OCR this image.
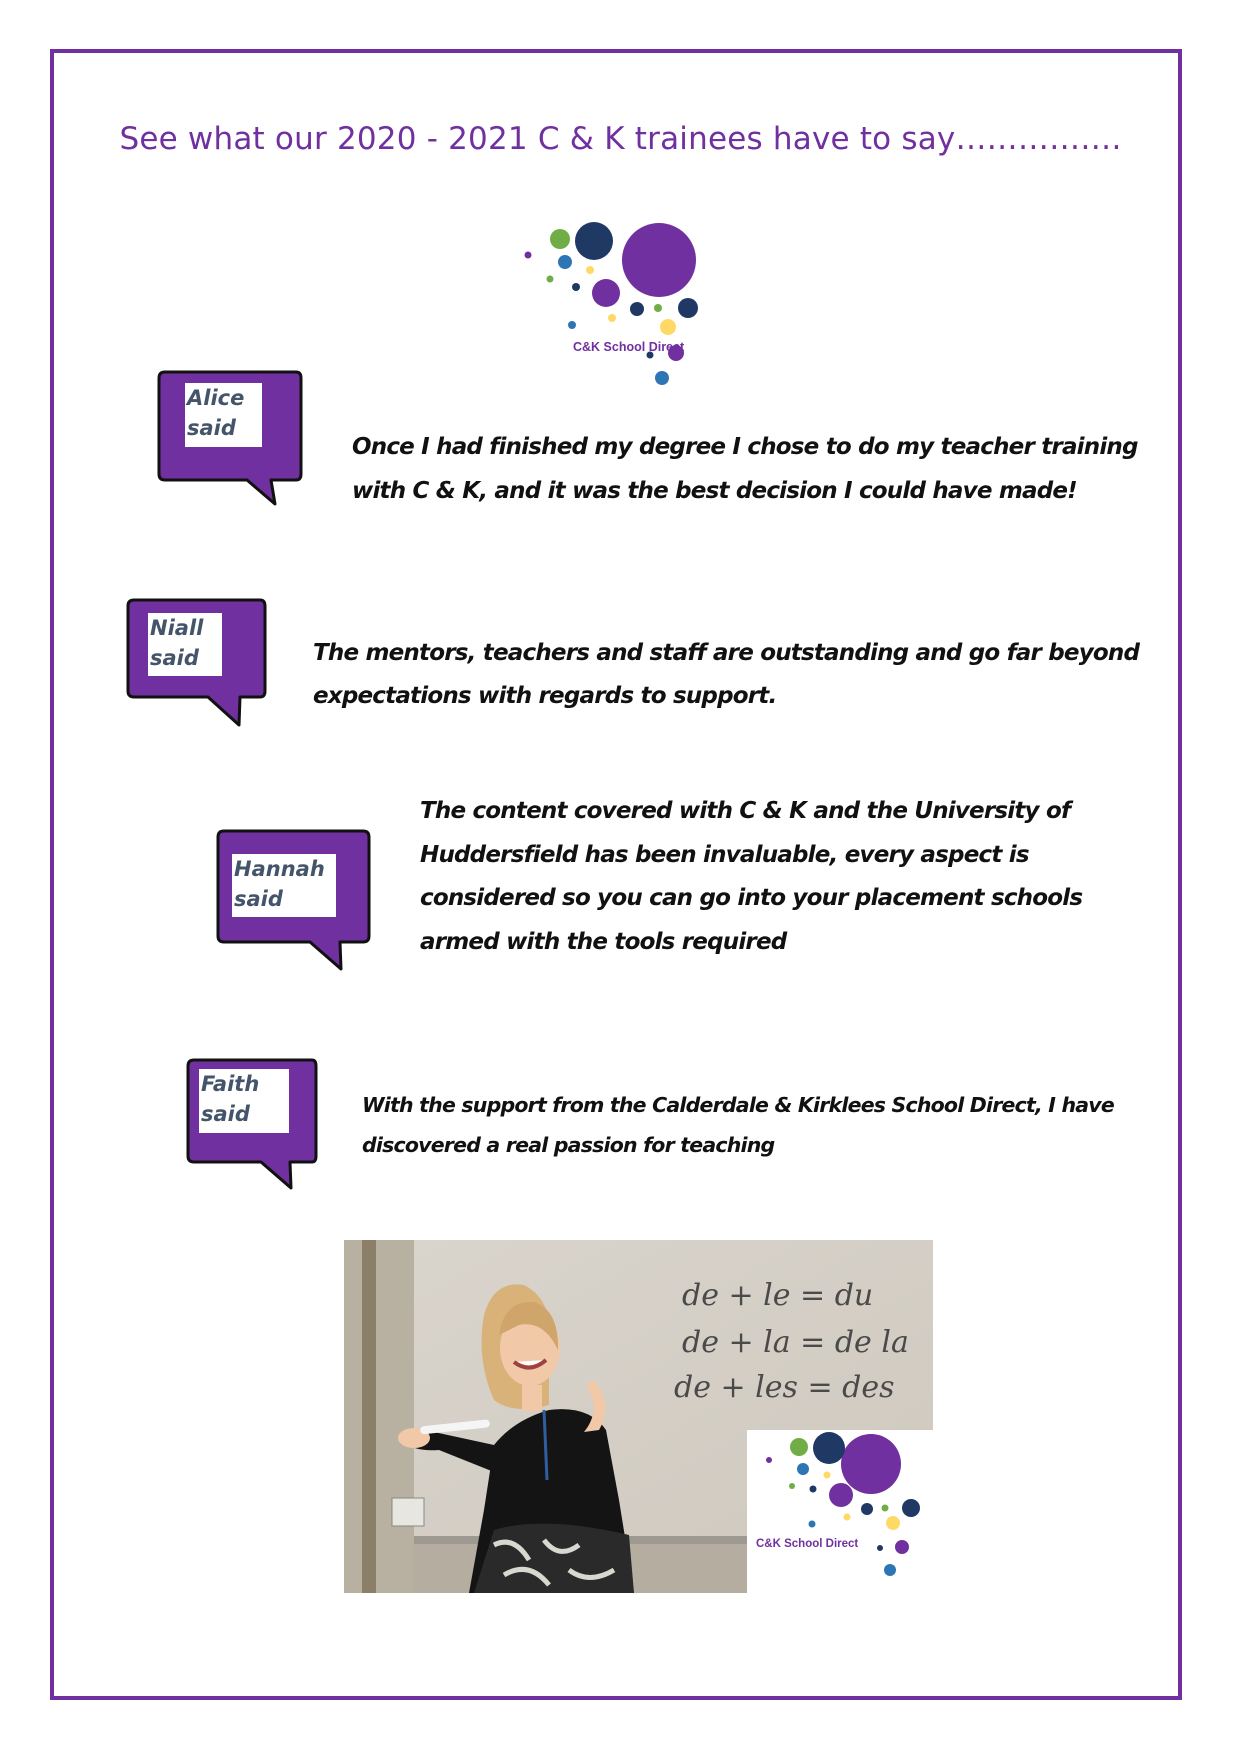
See what our 2020 - 2021 C & K trainees have to say…………….
C&K School Direct
Alice
said
Once I had finished my degree I chose to do my teacher training
with C & K, and it was the best decision I could have made!
Niall
said	The mentors, teachers and staff are outstanding and go far beyond
expectations with regards to support.
Hannah
said
The content covered with C & K and the University of
Huddersfield has been invaluable, every aspect is
considered so you can go into your placement schools
armed with the tools required
Faith
said	With the support from the Calderdale & Kirklees School Direct, I have
discovered a real passion for teaching
de + le = du
de + la = de la
de + les = des
C&K School Direct
